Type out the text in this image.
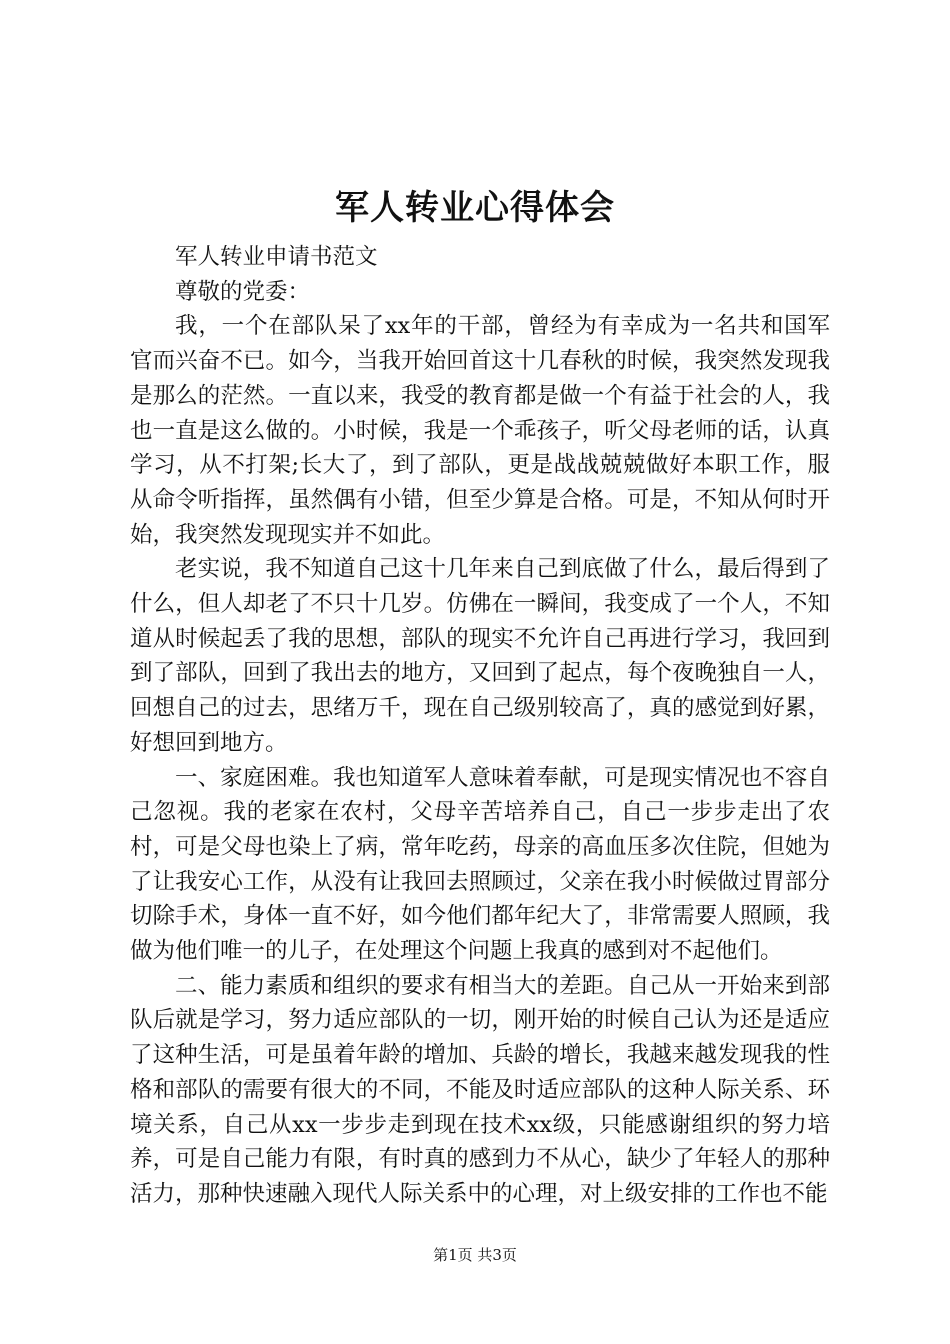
军人转业心得体会

军人转业申请书范文

尊敬的党委：

我，一个在部队呆了xx年的干部，曾经为有幸成为一名共和国军官而兴奋不已。如今，当我开始回首这十几春秋的时候，我突然发现我是那么的茫然。一直以来，我受的教育都是做一个有益于社会的人，我也一直是这么做的。小时候，我是一个乖孩子，听父母老师的话，认真学习，从不打架;长大了，到了部队，更是战战兢兢做好本职工作，服从命令听指挥，虽然偶有小错，但至少算是合格。可是，不知从何时开始，我突然发现现实并不如此。

老实说，我不知道自己这十几年来自己到底做了什么，最后得到了什么，但人却老了不只十几岁。仿佛在一瞬间，我变成了一个人，不知道从时候起丢了我的思想，部队的现实不允许自己再进行学习，我回到到了部队，回到了我出去的地方，又回到了起点，每个夜晚独自一人，回想自己的过去，思绪万千，现在自己级别较高了，真的感觉到好累，好想回到地方。

一、家庭困难。我也知道军人意味着奉献，可是现实情况也不容自己忽视。我的老家在农村，父母辛苦培养自己，自己一步步走出了农村，可是父母也染上了病，常年吃药，母亲的高血压多次住院，但她为了让我安心工作，从没有让我回去照顾过，父亲在我小时候做过胃部分切除手术，身体一直不好，如今他们都年纪大了，非常需要人照顾，我做为他们唯一的儿子，在处理这个问题上我真的感到对不起他们。

二、能力素质和组织的要求有相当大的差距。自己从一开始来到部队后就是学习，努力适应部队的一切，刚开始的时候自己认为还是适应了这种生活，可是虽着年龄的增加、兵龄的增长，我越来越发现我的性格和部队的需要有很大的不同，不能及时适应部队的这种人际关系、环境关系，自己从xx一步步走到现在技术xx级，只能感谢组织的努力培养，可是自己能力有限，有时真的感到力不从心，缺少了年轻人的那种活力，那种快速融入现代人际关系中的心理，对上级安排的工作也不能

第1页 共3页
